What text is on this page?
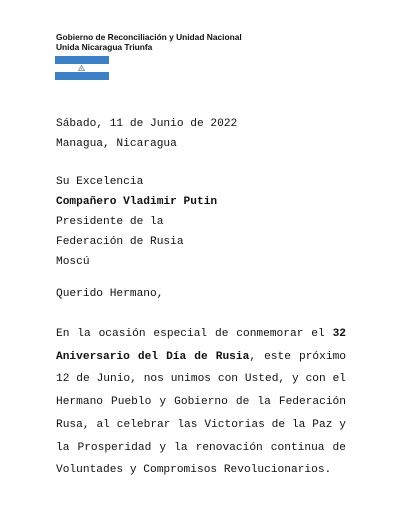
Gobierno de Reconciliación y Unidad Nacional
Unida Nicaragua Triunfa
Sábado, 11 de Junio de 2022
Managua, Nicaragua
Su Excelencia
Compañero Vladimir Putin
Presidente de la
Federación de Rusia
Moscú
Querido Hermano,
En la ocasión especial de conmemorar el 32
Aniversario del Día de Rusia, este próximo
12 de Junio, nos unimos con Usted, y con el
Hermano Pueblo y Gobierno de la Federación
Rusa, al celebrar las Victorias de la Paz y
la Prosperidad y la renovación continua de
Voluntades y Compromisos Revolucionarios.
